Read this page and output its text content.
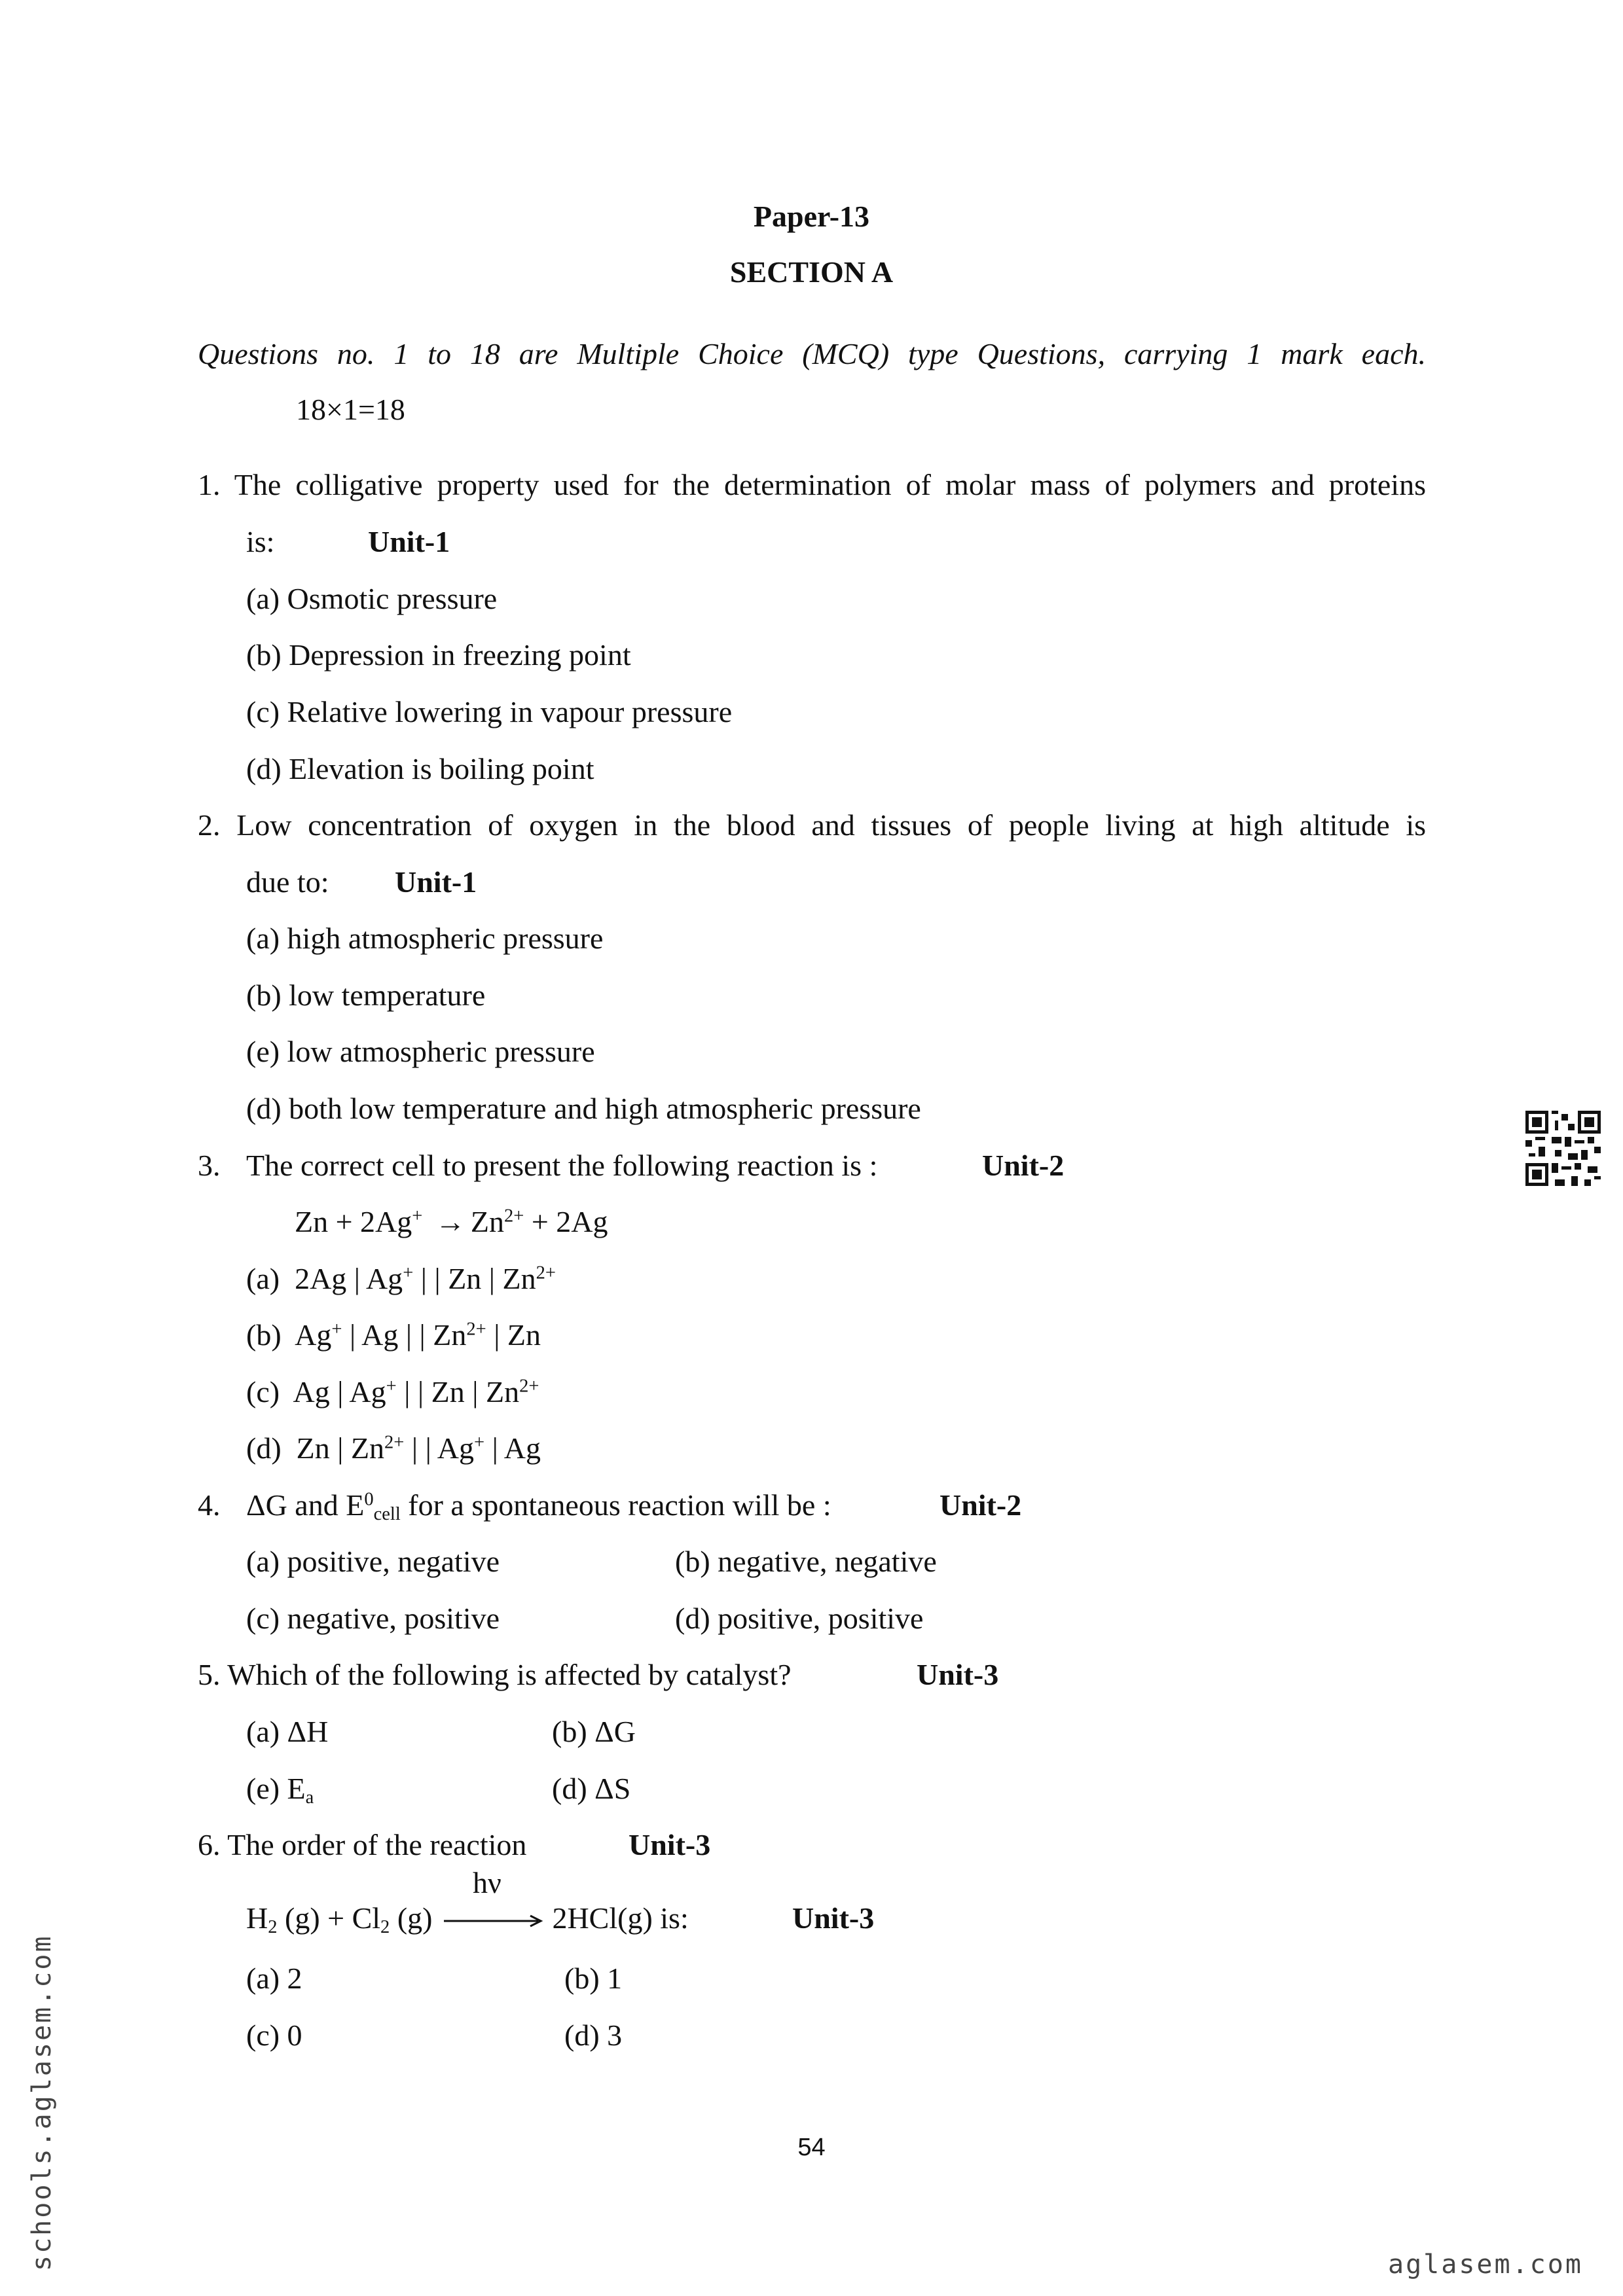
Paper-13
SECTION A
Questions no. 1 to 18 are Multiple Choice (MCQ) type Questions, carrying 1 mark each.
18×1=18
1. The colligative property used for the determination of molar mass of polymers and proteins
is:	Unit-1
(a) Osmotic pressure
(b) Depression in freezing point
(c) Relative lowering in vapour pressure
(d) Elevation is boiling point
2. Low concentration of oxygen in the blood and tissues of people living at high altitude is
due to: Unit-1
(a) high atmospheric pressure
(b) low temperature
(e) low atmospheric pressure
(d) both low temperature and high atmospheric pressure
3. The correct cell to present the following reaction is :	Unit-2
$Zn + 2Ag^+ \to Zn^{2+} + 2Ag$
(a) 2Ag | Ag+ | | Zn | $Zn^{2+}$
(b) Ag+ | Ag | | $Zn^{2+}$ | Zn
(c) Ag | Ag+ | | Zn | $Zn^{2+}$
(d) Zn | $Zn^{2+}$ | | Ag+ | Ag
4. ΔG and $E^0_{cell}$ for a spontaneous reaction will be :	Unit-2
(a) positive, negative	(b) negative, negative
(c) negative, positive	(d) positive, positive
5. Which of the following is affected by catalyst?	Unit-3
(a) ΔH	(b) ΔG
(e) $E_a$	(d) ΔS
6. The order of the reaction	Unit-3
$H_2$ $(g) + Cl_2$ (g)
hν
2HCl(g) is:	Unit-3
(a) 2	(b) 1
(c) 0	(d) 3
54
schools.aglasem.com	aglasem.com
